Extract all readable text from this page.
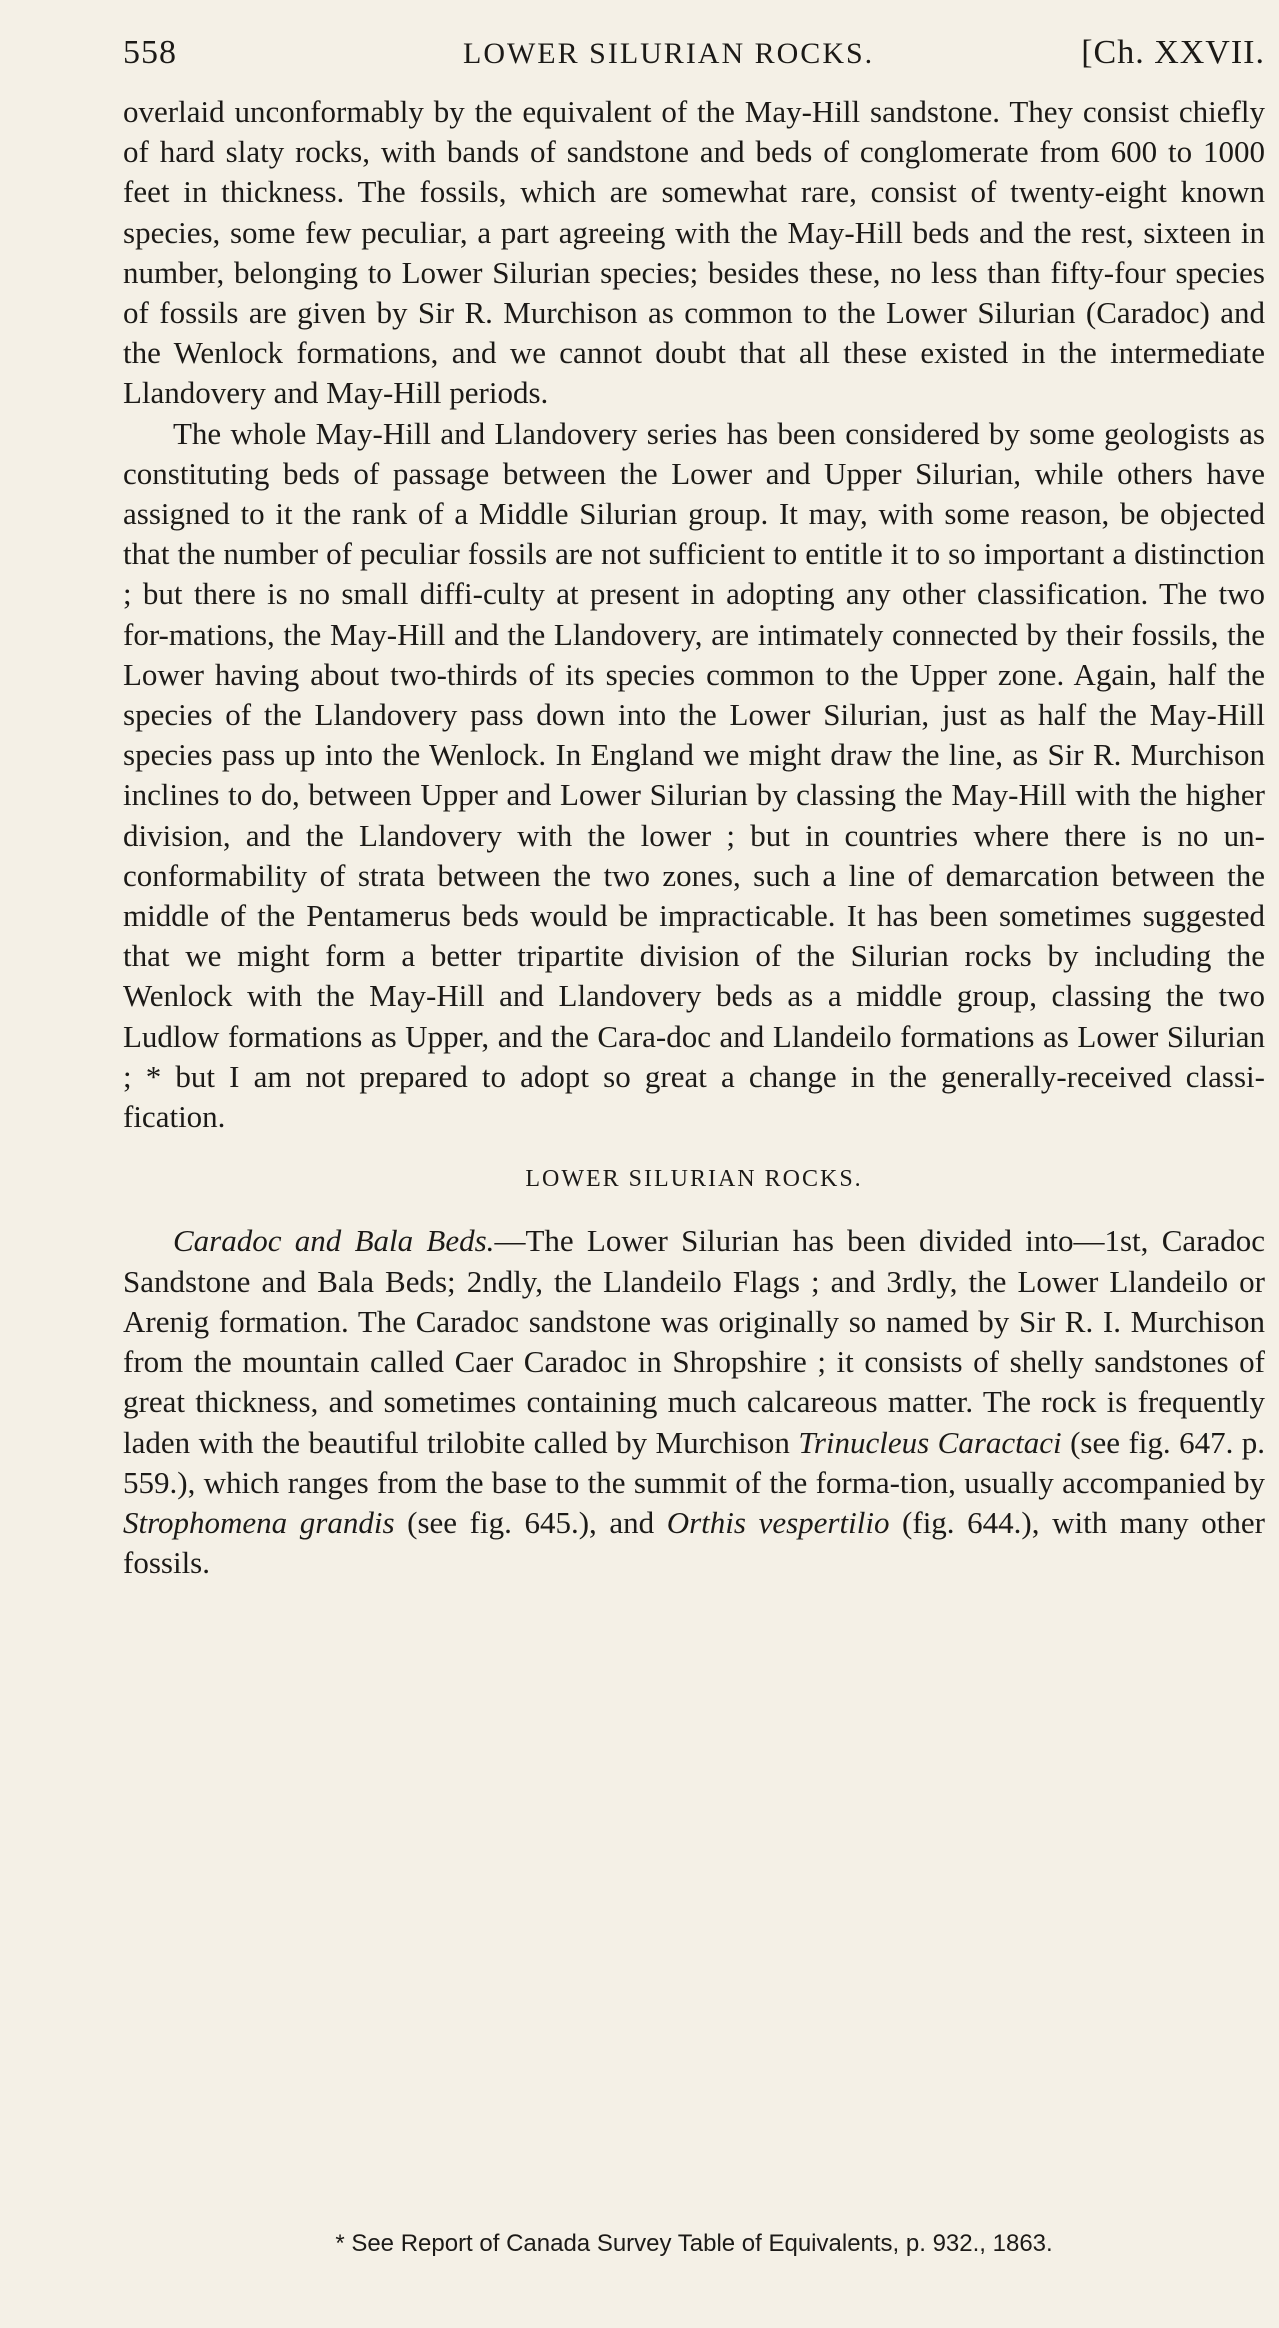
558	LOWER SILURIAN ROCKS.	[Ch. XXVII.

overlaid unconformably by the equivalent of the May-Hill sandstone. They consist chiefly of hard slaty rocks, with bands of sandstone and beds of conglomerate from 600 to 1000 feet in thickness. The fossils, which are somewhat rare, consist of twenty-eight known species, some few peculiar, a part agreeing with the May-Hill beds and the rest, sixteen in number, belonging to Lower Silurian species; besides these, no less than fifty-four species of fossils are given by Sir R. Murchison as common to the Lower Silurian (Caradoc) and the Wenlock formations, and we cannot doubt that all these existed in the intermediate Llandovery and May-Hill periods.

The whole May-Hill and Llandovery series has been considered by some geologists as constituting beds of passage between the Lower and Upper Silurian, while others have assigned to it the rank of a Middle Silurian group. It may, with some reason, be objected that the number of peculiar fossils are not sufficient to entitle it to so important a distinction ; but there is no small diffi-culty at present in adopting any other classification. The two for-mations, the May-Hill and the Llandovery, are intimately connected by their fossils, the Lower having about two-thirds of its species common to the Upper zone. Again, half the species of the Llandovery pass down into the Lower Silurian, just as half the May-Hill species pass up into the Wenlock. In England we might draw the line, as Sir R. Murchison inclines to do, between Upper and Lower Silurian by classing the May-Hill with the higher division, and the Llandovery with the lower ; but in countries where there is no un-conformability of strata between the two zones, such a line of demarcation between the middle of the Pentamerus beds would be impracticable. It has been sometimes suggested that we might form a better tripartite division of the Silurian rocks by including the Wenlock with the May-Hill and Llandovery beds as a middle group, classing the two Ludlow formations as Upper, and the Cara-doc and Llandeilo formations as Lower Silurian ; * but I am not prepared to adopt so great a change in the generally-received classi-fication.

LOWER SILURIAN ROCKS.

Caradoc and Bala Beds.—The Lower Silurian has been divided into—1st, Caradoc Sandstone and Bala Beds; 2ndly, the Llandeilo Flags ; and 3rdly, the Lower Llandeilo or Arenig formation. The Caradoc sandstone was originally so named by Sir R. I. Murchison from the mountain called Caer Caradoc in Shropshire ; it consists of shelly sandstones of great thickness, and sometimes containing much calcareous matter. The rock is frequently laden with the beautiful trilobite called by Murchison Trinucleus Caractaci (see fig. 647. p. 559.), which ranges from the base to the summit of the forma-tion, usually accompanied by Strophomena grandis (see fig. 645.), and Orthis vespertilio (fig. 644.), with many other fossils.

* See Report of Canada Survey Table of Equivalents, p. 932., 1863.
